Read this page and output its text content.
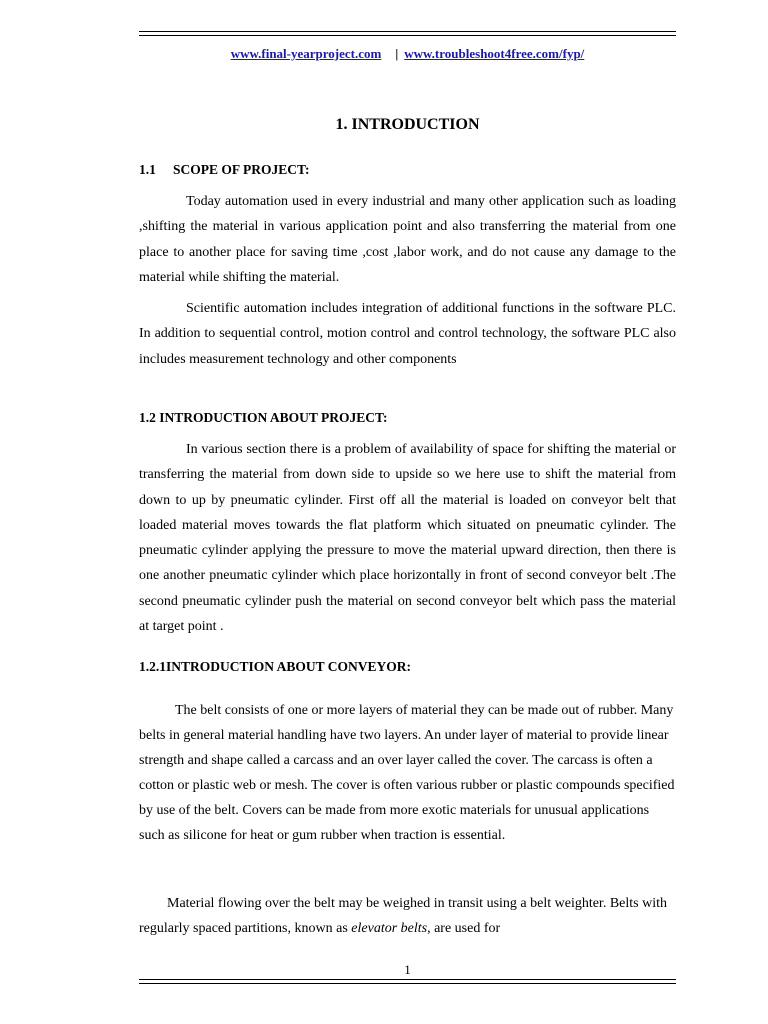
www.final-yearproject.com | www.troubleshoot4free.com/fyp/
1. INTRODUCTION
1.1 SCOPE OF PROJECT:
Today automation used in every industrial and many other application such as loading ,shifting the material in various application point and also transferring the material from one place to another place for saving time ,cost ,labor work, and do not cause any damage to the material while shifting the material.
Scientific automation includes integration of additional functions in the software PLC. In addition to sequential control, motion control and control technology, the software PLC also includes measurement technology and other components
1.2 INTRODUCTION ABOUT PROJECT:
In various section there is a problem of availability of space for shifting the material or transferring the material from down side to upside so we here use to shift the material from down to up by pneumatic cylinder. First off all the material is loaded on conveyor belt that loaded material moves towards the flat platform which situated on pneumatic cylinder. The pneumatic cylinder applying the pressure to move the material upward direction, then there is one another pneumatic cylinder which place horizontally in front of second conveyor belt .The second pneumatic cylinder push the material on second conveyor belt which pass the material at target point .
1.2.1INTRODUCTION ABOUT CONVEYOR:
The belt consists of one or more layers of material they can be made out of rubber. Many belts in general material handling have two layers. An under layer of material to provide linear strength and shape called a carcass and an over layer called the cover. The carcass is often a cotton or plastic web or mesh. The cover is often various rubber or plastic compounds specified by use of the belt. Covers can be made from more exotic materials for unusual applications such as silicone for heat or gum rubber when traction is essential.
Material flowing over the belt may be weighed in transit using a belt weighter. Belts with regularly spaced partitions, known as elevator belts, are used for
1
